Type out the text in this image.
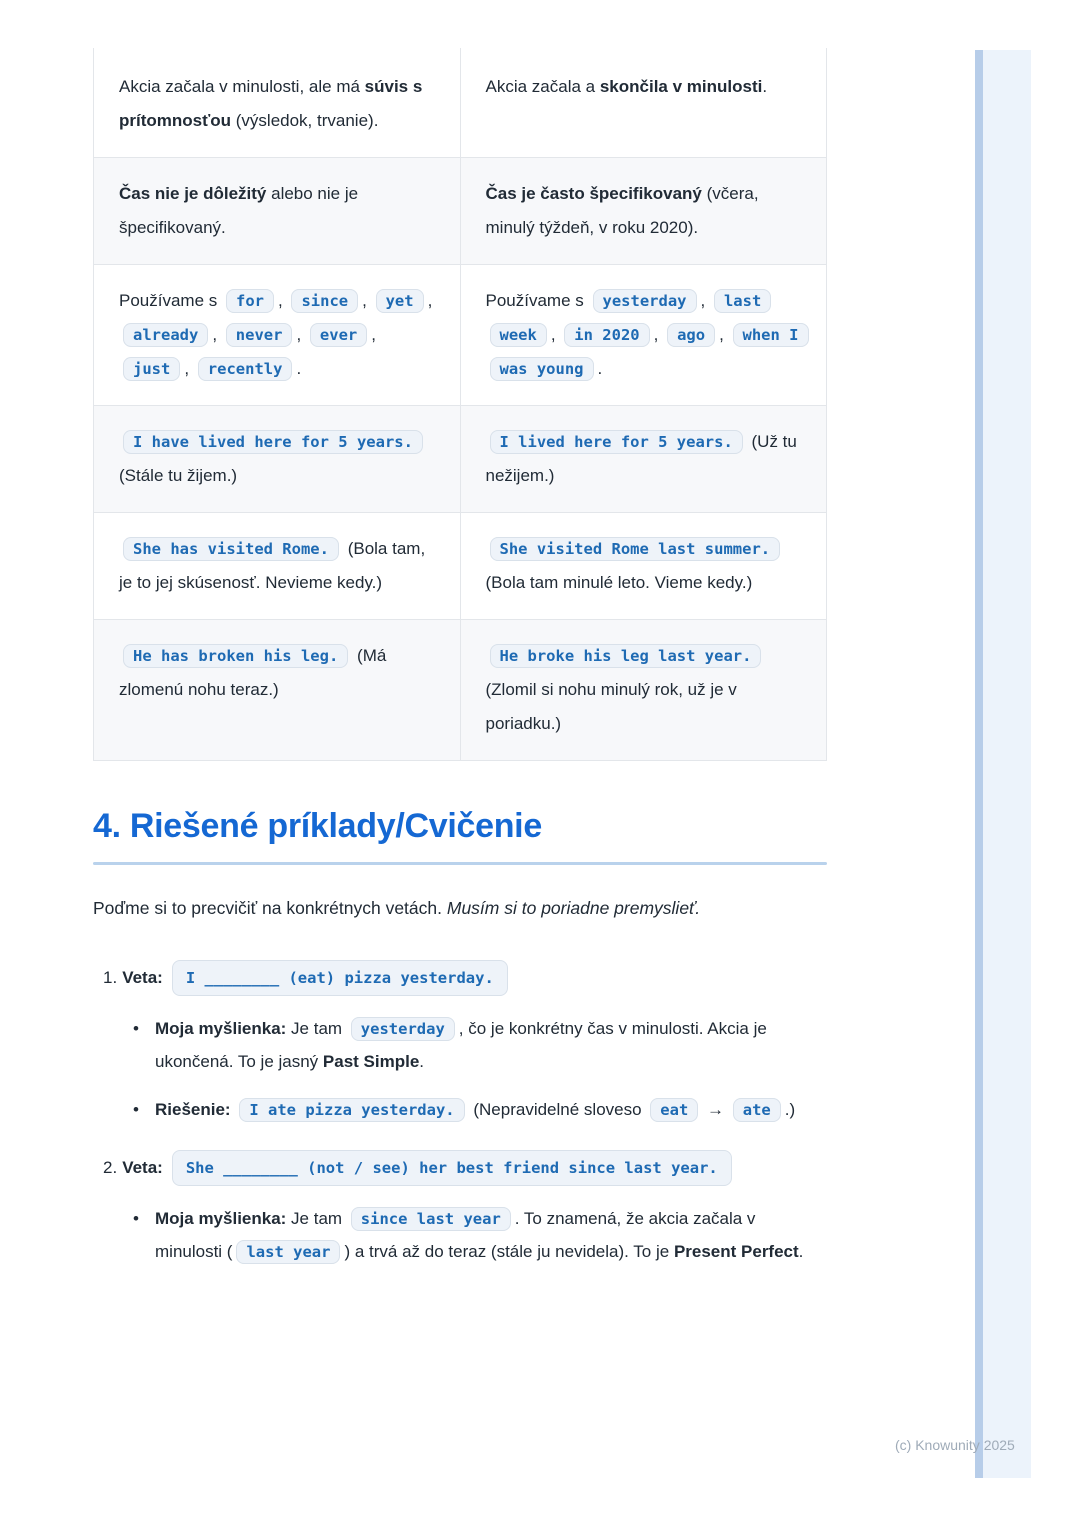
Akcia začala v minulosti, ale má súvis s prítomnosťou (výsledok, trvanie).	Akcia začala a skončila v minulosti.
Čas nie je dôležitý alebo nie je špecifikovaný.	Čas je často špecifikovaný (včera, minulý týždeň, v roku 2020).
Používame s for , since , yet , already , never , ever , just , recently .	Používame s yesterday , last week , in 2020 , ago , when I was young .
I have lived here for 5 years. (Stále tu žijem.)	I lived here for 5 years. (Už tu nežijem.)
She has visited Rome. (Bola tam, je to jej skúsenosť. Nevieme kedy.)	She visited Rome last summer. (Bola tam minulé leto. Vieme kedy.)
He has broken his leg. (Má zlomenú nohu teraz.)	He broke his leg last year. (Zlomil si nohu minulý rok, už je v poriadku.)
4. Riešené príklady/Cvičenie

Poďme si to precvičiť na konkrétnych vetách. Musím si to poriadne premyslieť.

1. Veta: I ________ (eat) pizza yesterday.
• Moja myšlienka: Je tam yesterday , čo je konkrétny čas v minulosti. Akcia je ukončená. To je jasný Past Simple.
• Riešenie: I ate pizza yesterday. (Nepravidelné sloveso eat → ate .)
2. Veta: She ________ (not / see) her best friend since last year.
• Moja myšlienka: Je tam since last year . To znamená, že akcia začala v minulosti ( last year ) a trvá až do teraz (stále ju nevidela). To je Present Perfect.
(c) Knowunity 2025
